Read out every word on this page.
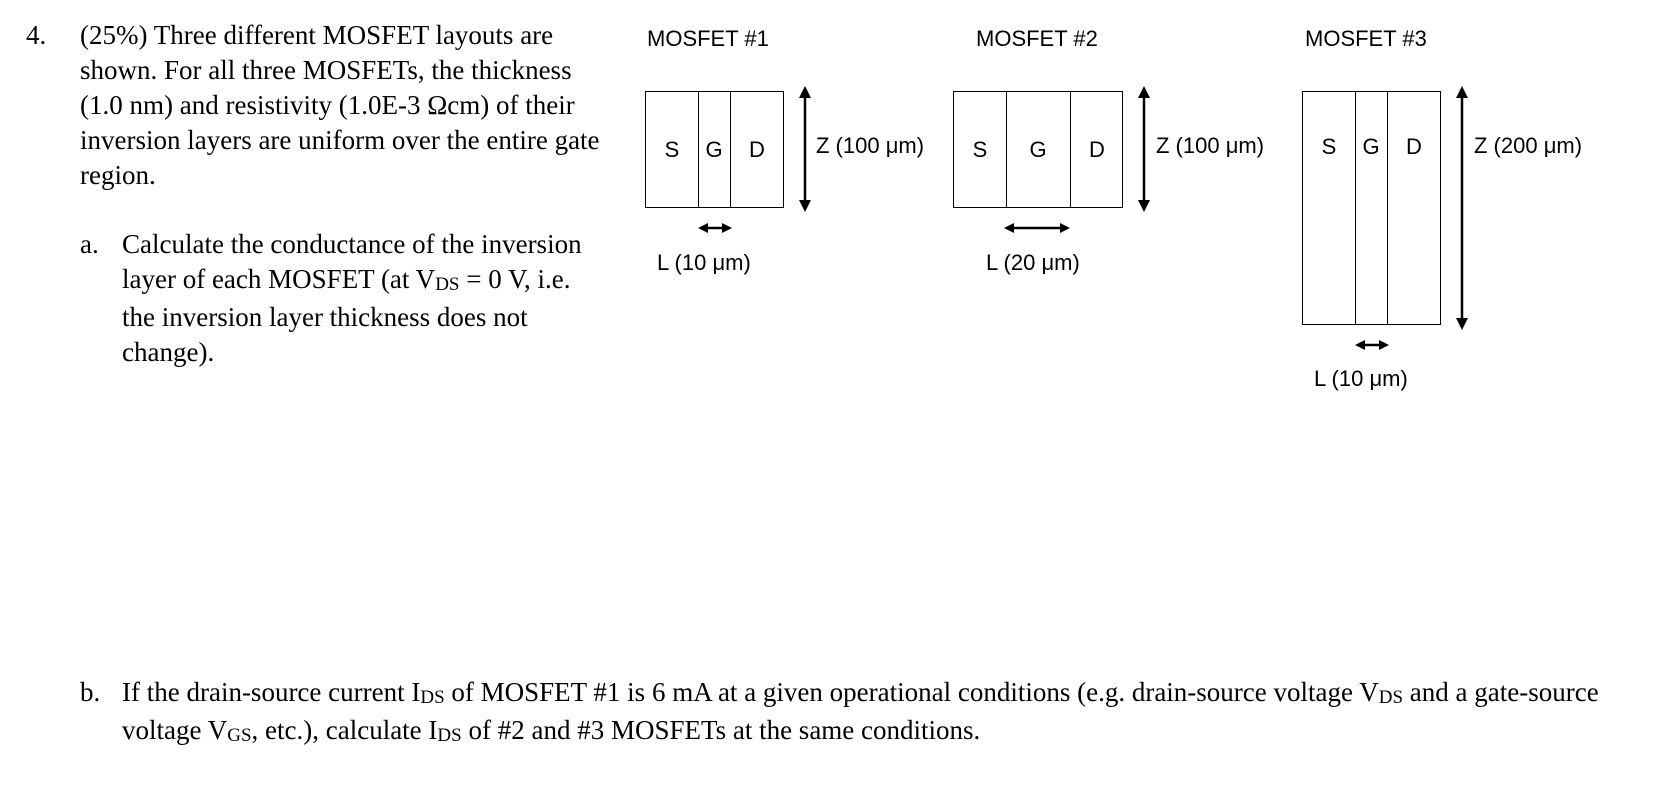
4. (25%) Three different MOSFET layouts are shown. For all three MOSFETs, the thickness (1.0 nm) and resistivity (1.0E-3 Ωcm) of their inversion layers are uniform over the entire gate region.

a. Calculate the conductance of the inversion layer of each MOSFET (at $V_{DS} = 0$ V, i.e. the inversion layer thickness does not change).
b. If the drain-source current $I_{DS}$ of MOSFET #1 is 6 mA at a given operational conditions (e.g. drain-source voltage $V_{DS}$ and a gate-source voltage $V_{GS}$, etc.), calculate $I_{DS}$ of #2 and #3 MOSFETs at the same conditions.
MOSFET #1
S G D Z (100 μm)
L (10 μm)
MOSFET #2
S G D Z (100 μm)
L (20 μm)
MOSFET #3
S G D Z (200 μm)
L (10 μm)
